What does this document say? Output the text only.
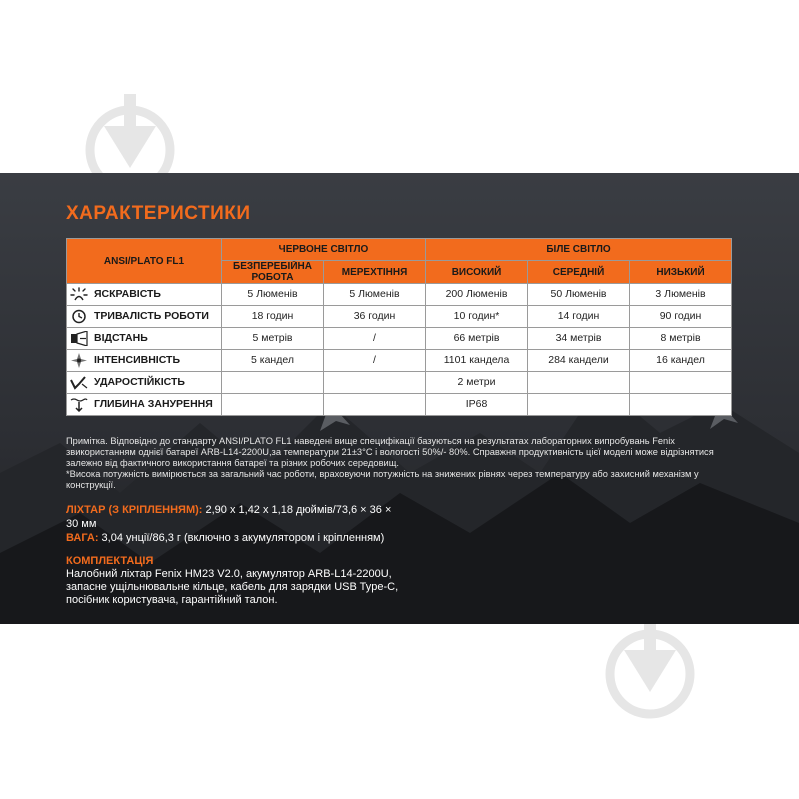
ХАРАКТЕРИСТИКИ
ANSI/PLATO FL1	ЧЕРВОНЕ СВІТЛО		БІЛЕ СВІТЛО		
	БЕЗПЕРЕБІЙНА РОБОТА	МЕРЕХТІННЯ	ВИСОКИЙ	СЕРЕДНІЙ	НИЗЬКИЙ

ЯСКРАВІСТЬ	5 Люменів	5 Люменів	200 Люменів	50 Люменів	3 Люменів

ТРИВАЛІСТЬ РОБОТИ	18 годин	36 годин	10 годин*	14 годин	90 годин

ВІДСТАНЬ	5 метрів	/	66 метрів	34 метрів	8 метрів

ІНТЕНСИВНІСТЬ	5 кандел	/	1101 кандела	284 кандели	16 кандел

УДАРОСТІЙКІСТЬ			2 метри		

ГЛИБИНА ЗАНУРЕННЯ			IP68		

Примітка. Відповідно до стандарту ANSI/PLATO FL1 наведені вище специфікації базуються на результатах лабораторних випробувань Fenix звикористанням однієї батареї ARB-L14-2200U,за температури 21±3°C і вологості 50%/- 80%. Справжня продуктивність цієї моделі може відрізнятися залежно від фактичного використання батареї та різних робочих середовищ.

*Висока потужність вимірюється за загальний час роботи, враховуючи потужність на знижених рівнях через температуру або захисний механізм у конструкції.

ЛІХТАР (З КРІПЛЕННЯМ): 2,90 x 1,42 x 1,18 дюймів/73,6 × 36 × 30 мм

ВАГА: 3,04 унції/86,3 г (включно з акумулятором і кріпленням)

КОМПЛЕКТАЦІЯ
Налобний ліхтар Fenix HM23 V2.0, акумулятор ARB-L14-2200U, запасне ущільнювальне кільце, кабель для зарядки USB Type-C, посібник користувача, гарантійний талон.
